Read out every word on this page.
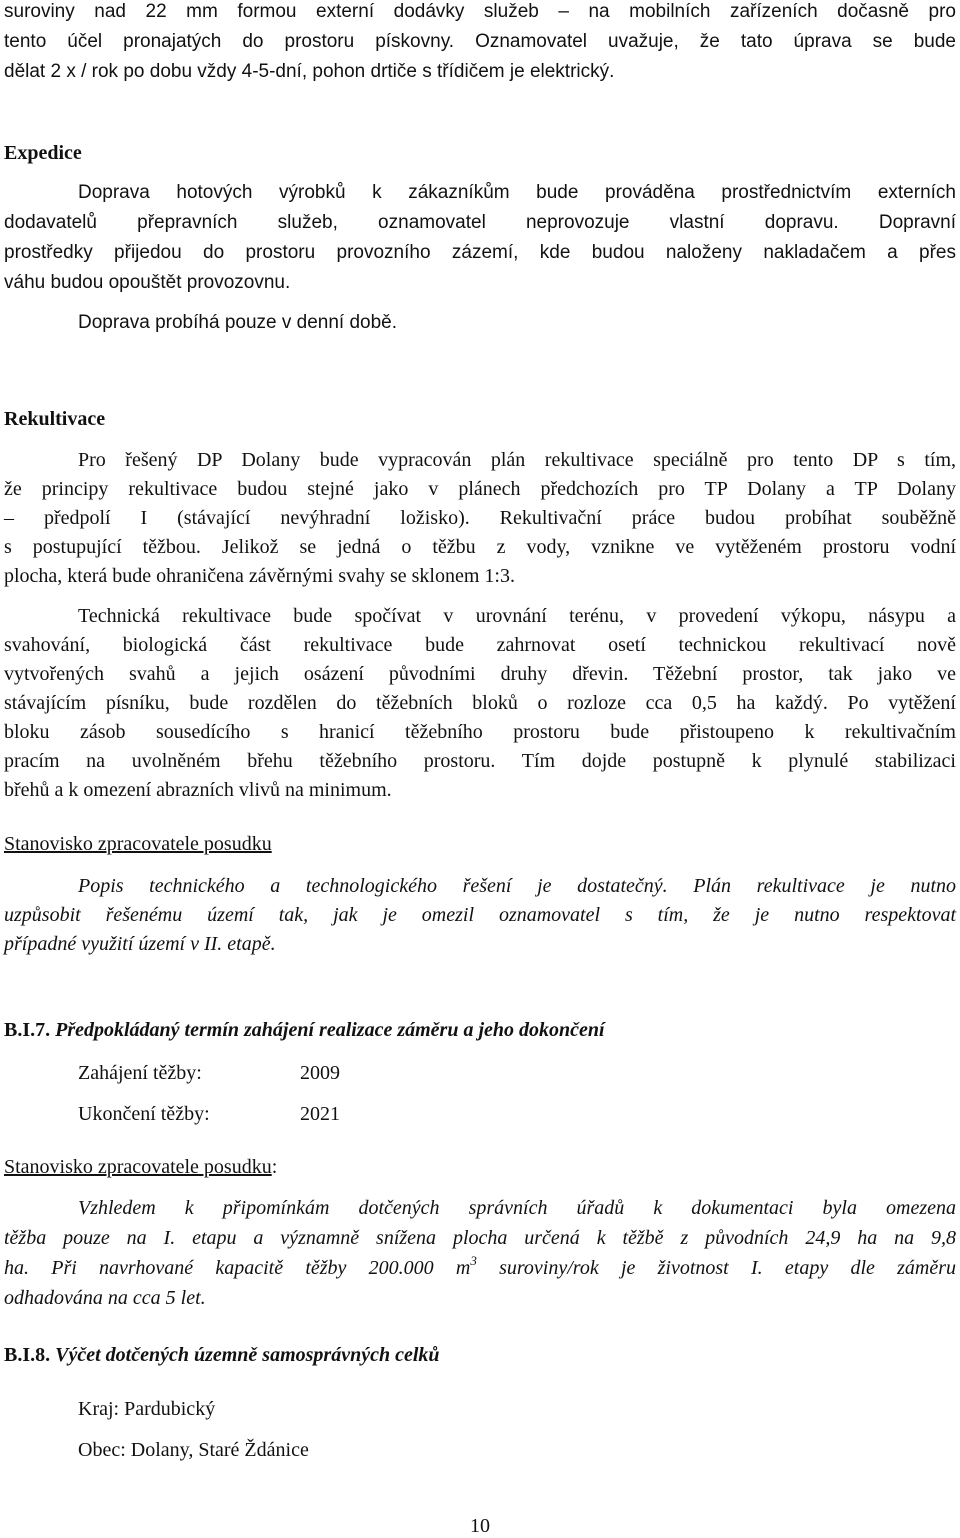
suroviny nad 22 mm formou externí dodávky služeb – na mobilních zařízeních dočasně pro
tento účel pronajatých do prostoru pískovny. Oznamovatel uvažuje, že tato úprava se bude
dělat 2 x / rok po dobu vždy 4-5-dní, pohon drtiče s třídičem je elektrický.
Expedice
Doprava hotových výrobků k zákazníkům bude prováděna prostřednictvím externích
dodavatelů přepravních služeb, oznamovatel neprovozuje vlastní dopravu. Dopravní
prostředky přijedou do prostoru provozního zázemí, kde budou naloženy nakladačem a přes
váhu budou opouštět provozovnu.
Doprava probíhá pouze v denní době.
Rekultivace
Pro řešený DP Dolany bude vypracován plán rekultivace speciálně pro tento DP s tím,
že principy rekultivace budou stejné jako v plánech předchozích pro TP Dolany a TP Dolany
– předpolí I (stávající nevýhradní ložisko). Rekultivační práce budou probíhat souběžně
s postupující těžbou. Jelikož se jedná o těžbu z vody, vznikne ve vytěženém prostoru vodní
plocha, která bude ohraničena závěrnými svahy se sklonem 1:3.
Technická rekultivace bude spočívat v urovnání terénu, v provedení výkopu, násypu a
svahování, biologická část rekultivace bude zahrnovat osetí technickou rekultivací nově
vytvořených svahů a jejich osázení původními druhy dřevin. Těžební prostor, tak jako ve
stávajícím písníku, bude rozdělen do těžebních bloků o rozloze cca 0,5 ha každý. Po vytěžení
bloku zásob sousedícího s hranicí těžebního prostoru bude přistoupeno k rekultivačním
pracím na uvolněném břehu těžebního prostoru. Tím dojde postupně k plynulé stabilizaci
břehů a k omezení abrazních vlivů na minimum.
Stanovisko zpracovatele posudku
Popis technického a technologického řešení je dostatečný. Plán rekultivace je nutno
uzpůsobit řešenému území tak, jak je omezil oznamovatel s tím, že je nutno respektovat
případné využití území v II. etapě.
B.I.7. Předpokládaný termín zahájení realizace záměru a jeho dokončení
Zahájení těžby:	2009
Ukončení těžby:	2021
Stanovisko zpracovatele posudku:
Vzhledem k připomínkám dotčených správních úřadů k dokumentaci byla omezena
těžba pouze na I. etapu a významně snížena plocha určená k těžbě z původních 24,9 ha na 9,8
ha. Při navrhované kapacitě těžby 200.000 $m^3$ suroviny/rok je životnost I. etapy dle záměru
odhadována na cca 5 let.
B.I.8. Výčet dotčených územně samosprávných celků
Kraj: Pardubický
Obec: Dolany, Staré Ždánice
10
